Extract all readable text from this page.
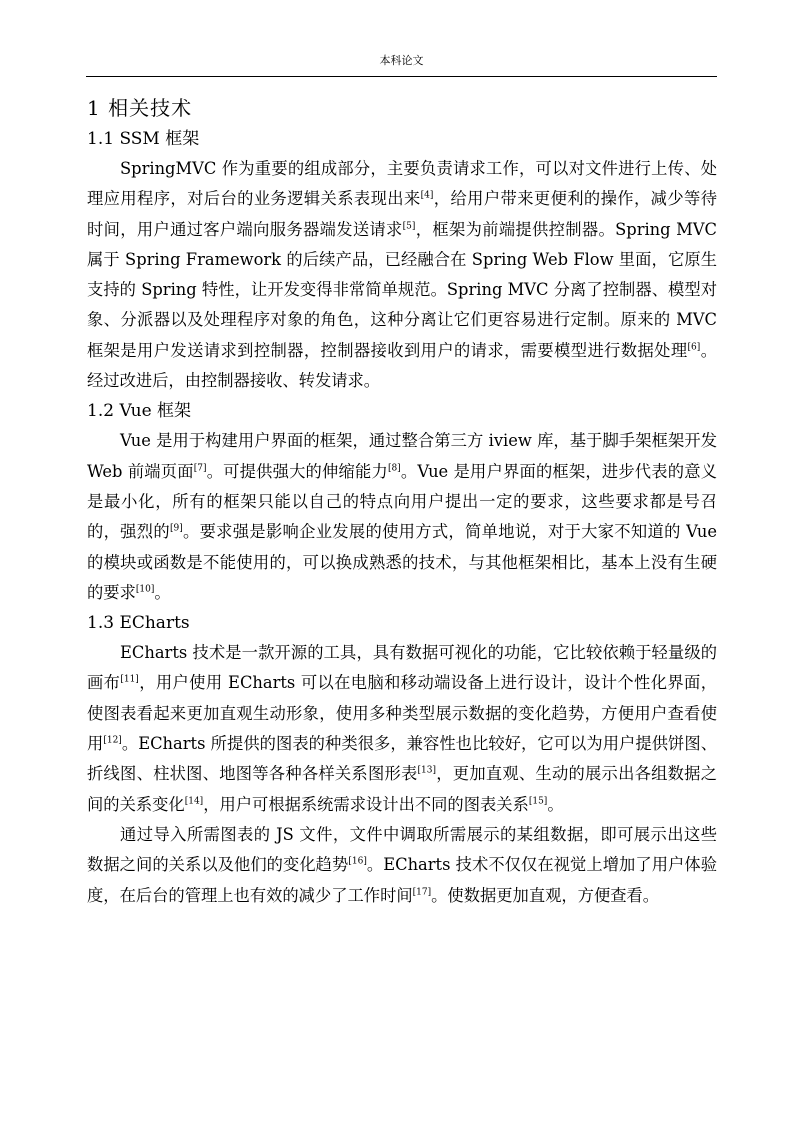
本科论文
1 相关技术
1.1 SSM 框架

SpringMVC 作为重要的组成部分，主要负责请求工作，可以对文件进行上传、处理应用程序，对后台的业务逻辑关系表现出来[4]，给用户带来更便利的操作，减少等待时间，用户通过客户端向服务器端发送请求[5]，框架为前端提供控制器。Spring MVC 属于 Spring Framework 的后续产品，已经融合在 Spring Web Flow 里面，它原生支持的 Spring 特性，让开发变得非常简单规范。Spring MVC 分离了控制器、模型对象、分派器以及处理程序对象的角色，这种分离让它们更容易进行定制。原来的 MVC 框架是用户发送请求到控制器，控制器接收到用户的请求，需要模型进行数据处理[6]。经过改进后，由控制器接收、转发请求。

1.2 Vue 框架

Vue 是用于构建用户界面的框架，通过整合第三方 iview 库，基于脚手架框架开发 Web 前端页面[7]。可提供强大的伸缩能力[8]。Vue 是用户界面的框架，进步代表的意义是最小化，所有的框架只能以自己的特点向用户提出一定的要求，这些要求都是号召的，强烈的[9]。要求强是影响企业发展的使用方式，简单地说，对于大家不知道的 Vue 的模块或函数是不能使用的，可以换成熟悉的技术，与其他框架相比，基本上没有生硬的要求[10]。

1.3 ECharts

ECharts 技术是一款开源的工具，具有数据可视化的功能，它比较依赖于轻量级的画布[11]，用户使用 ECharts 可以在电脑和移动端设备上进行设计，设计个性化界面，使图表看起来更加直观生动形象，使用多种类型展示数据的变化趋势，方便用户查看使用[12]。ECharts 所提供的图表的种类很多，兼容性也比较好，它可以为用户提供饼图、折线图、柱状图、地图等各种各样关系图形表[13]，更加直观、生动的展示出各组数据之间的关系变化[14]，用户可根据系统需求设计出不同的图表关系[15]。

通过导入所需图表的 JS 文件，文件中调取所需展示的某组数据，即可展示出这些数据之间的关系以及他们的变化趋势[16]。ECharts 技术不仅仅在视觉上增加了用户体验度，在后台的管理上也有效的减少了工作时间[17]。使数据更加直观，方便查看。
